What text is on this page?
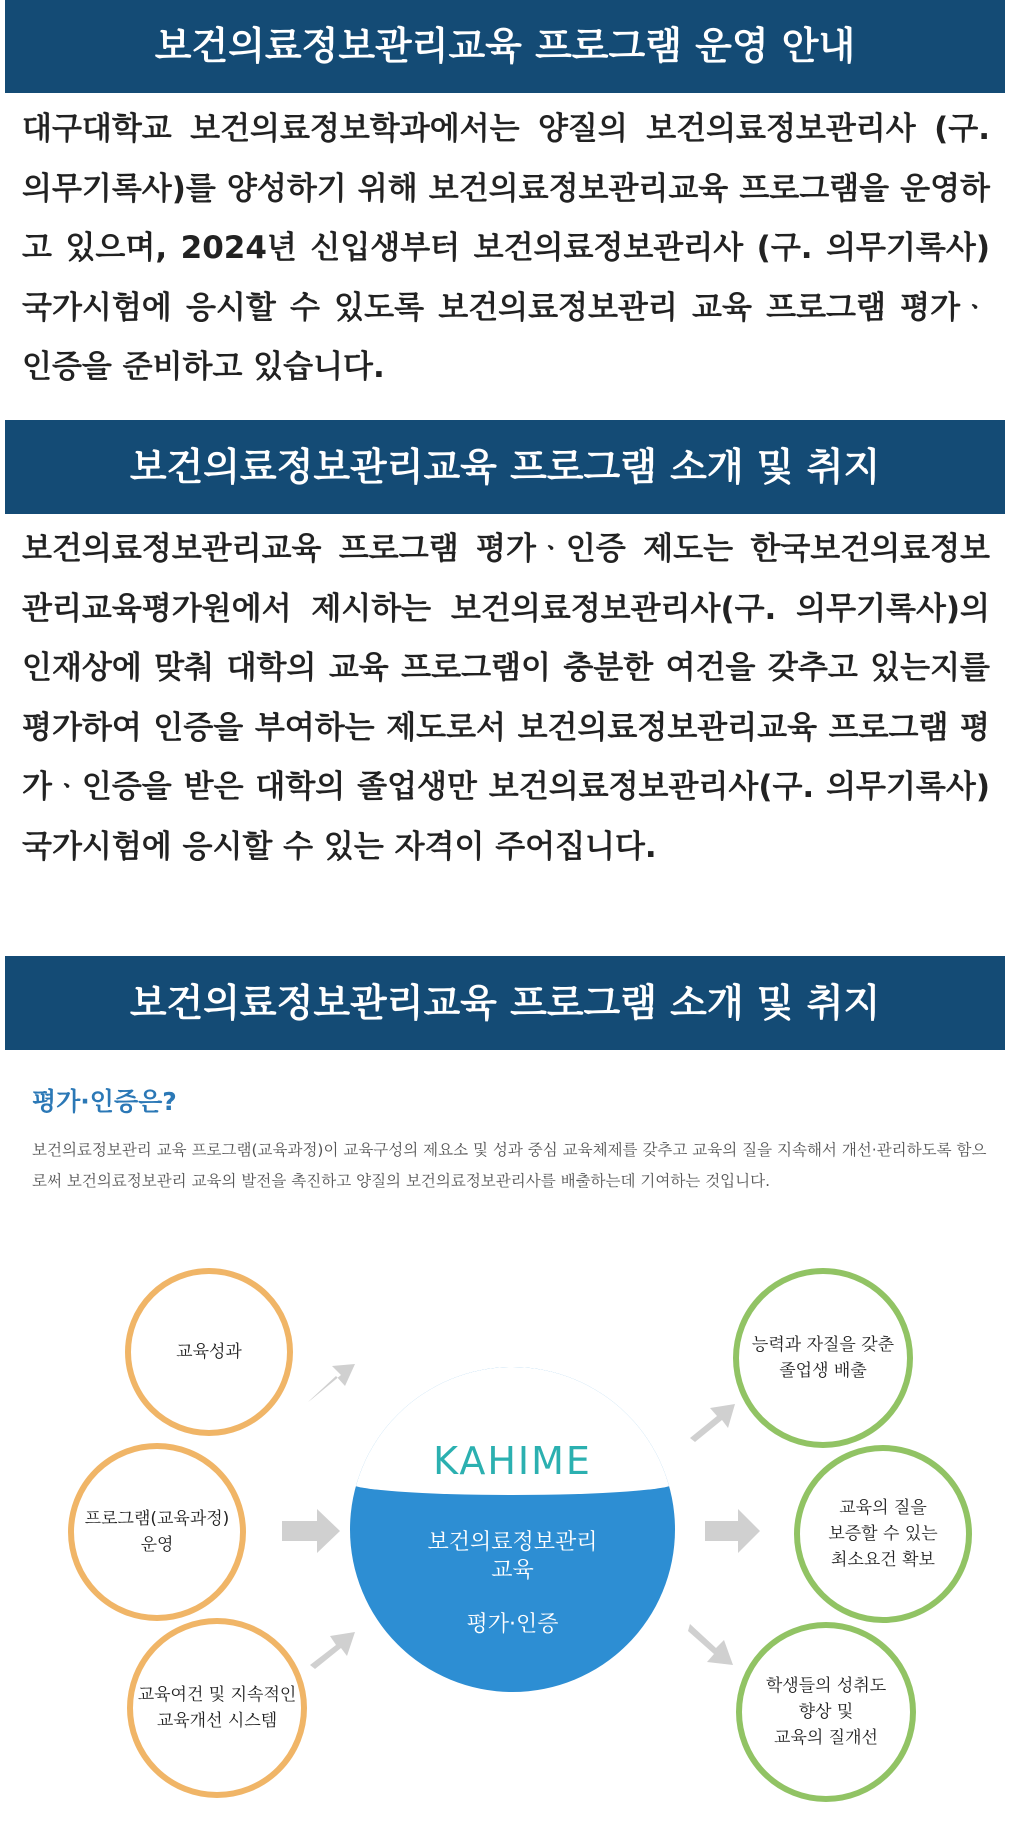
보건의료정보관리교육 프로그램 운영 안내
대구대학교 보건의료정보학과에서는 양질의 보건의료정보관리사 (구. 의무기록사)를 양성하기 위해 보건의료정보관리교육 프로그램을 운영하고 있으며, 2024년 신입생부터 보건의료정보관리사 (구. 의무기록사) 국가시험에 응시할 수 있도록 보건의료정보관리 교육 프로그램 평가ᆞ인증을 준비하고 있습니다.
보건의료정보관리교육 프로그램 소개 및 취지
보건의료정보관리교육 프로그램 평가ᆞ인증 제도는 한국보건의료정보관리교육평가원에서 제시하는 보건의료정보관리사(구. 의무기록사)의 인재상에 맞춰 대학의 교육 프로그램이 충분한 여건을 갖추고 있는지를 평가하여 인증을 부여하는 제도로서 보건의료정보관리교육 프로그램 평가ᆞ인증을 받은 대학의 졸업생만 보건의료정보관리사(구. 의무기록사) 국가시험에 응시할 수 있는 자격이 주어집니다.
보건의료정보관리교육 프로그램 소개 및 취지
평가·인증은?
보건의료정보관리 교육 프로그램(교육과정)이 교육구성의 제요소 및 성과 중심 교육체제를 갖추고 교육의 질을 지속해서 개선·관리하도록 함으로써 보건의료정보관리 교육의 발전을 촉진하고 양질의 보건의료정보관리사를 배출하는데 기여하는 것입니다.
교육성과
프로그램(교육과정)
운영
교육여건 및 지속적인
교육개선 시스템
능력과 자질을 갖춘
졸업생 배출
교육의 질을
보증할 수 있는
최소요건 확보
학생들의 성취도
향상 및
교육의 질개선
KAHIME
보건의료정보관리
교육
평가·인증
